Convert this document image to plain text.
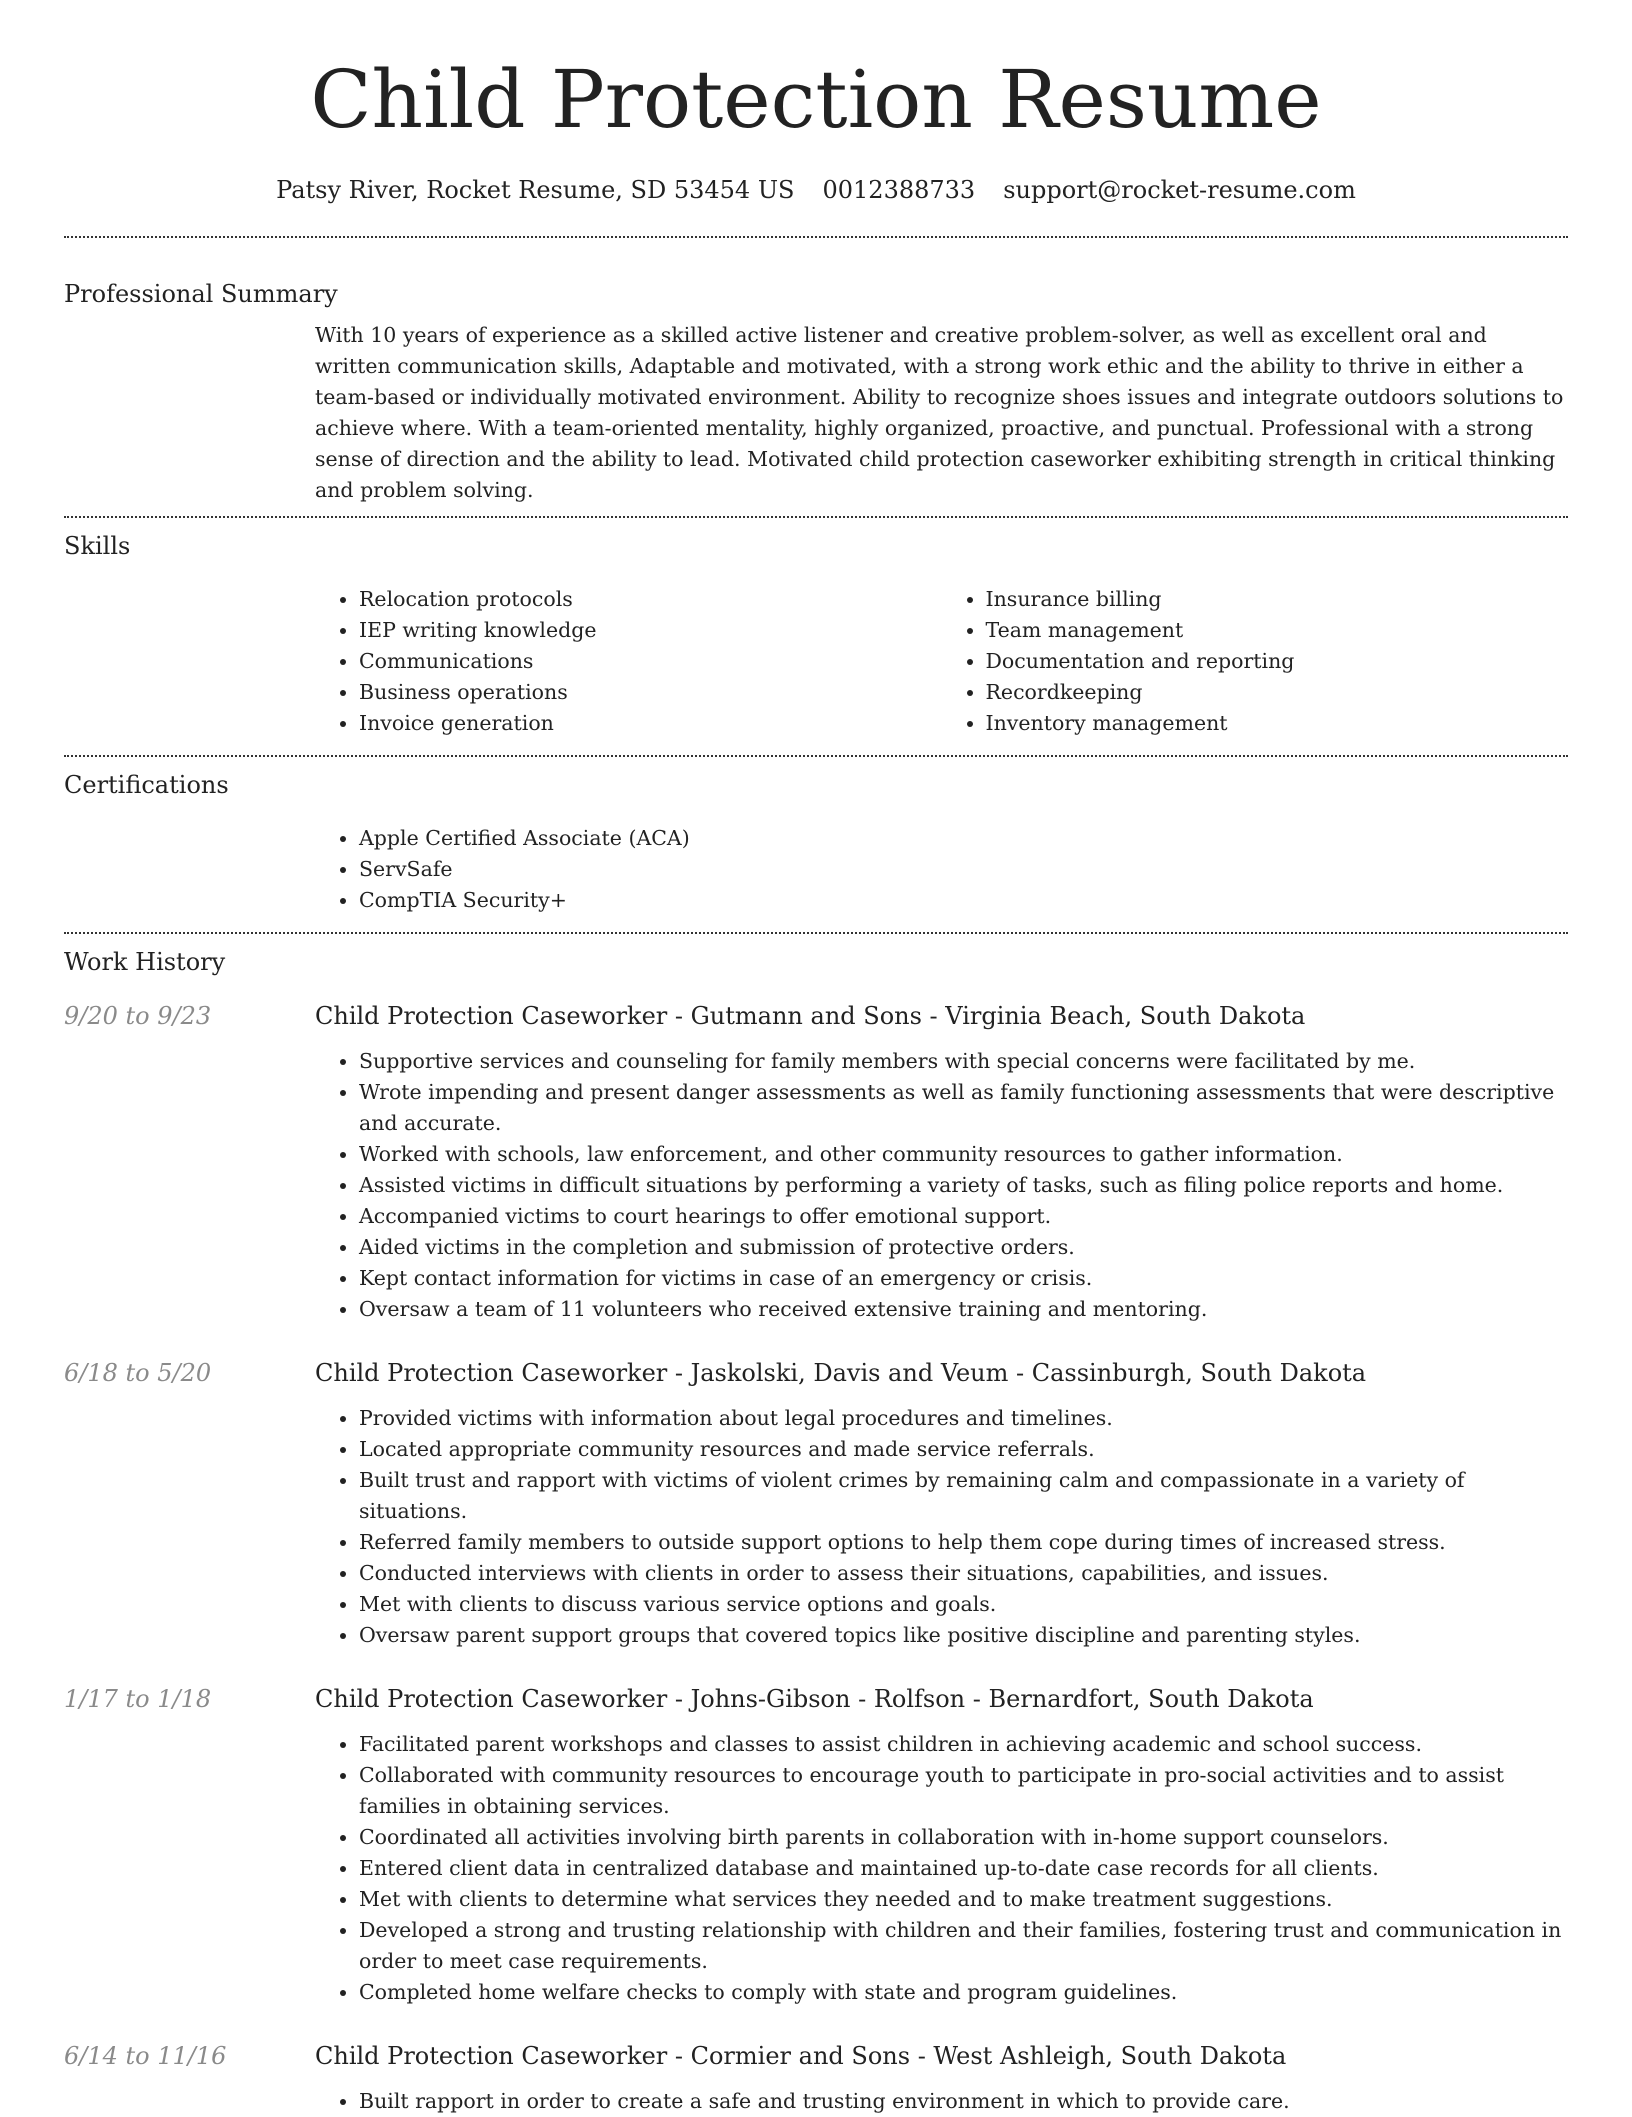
Child Protection Resume
Patsy River, Rocket Resume, SD 53454 US 0012388733 support@rocket-resume.com
Professional Summary

With 10 years of experience as a skilled active listener and creative problem-solver, as well as excellent oral and written communication skills, Adaptable and motivated, with a strong work ethic and the ability to thrive in either a team-based or individually motivated environment. Ability to recognize shoes issues and integrate outdoors solutions to achieve where. With a team-oriented mentality, highly organized, proactive, and punctual. Professional with a strong sense of direction and the ability to lead. Motivated child protection caseworker exhibiting strength in critical thinking and problem solving.

Skills
• Relocation protocols
• IEP writing knowledge
• Communications
• Business operations
• Invoice generation
• Insurance billing
• Team management
• Documentation and reporting
• Recordkeeping
• Inventory management
Certifications
• Apple Certified Associate (ACA)
• ServSafe
• CompTIA Security+
Work History
9/20 to 9/23	Child Protection Caseworker - Gutmann and Sons - Virginia Beach, South Dakota
• Supportive services and counseling for family members with special concerns were facilitated by me.
• Wrote impending and present danger assessments as well as family functioning assessments that were descriptive and accurate.
• Worked with schools, law enforcement, and other community resources to gather information.
• Assisted victims in difficult situations by performing a variety of tasks, such as filing police reports and home.
• Accompanied victims to court hearings to offer emotional support.
• Aided victims in the completion and submission of protective orders.
• Kept contact information for victims in case of an emergency or crisis.
• Oversaw a team of 11 volunteers who received extensive training and mentoring.
6/18 to 5/20	Child Protection Caseworker - Jaskolski, Davis and Veum - Cassinburgh, South Dakota
• Provided victims with information about legal procedures and timelines.
• Located appropriate community resources and made service referrals.
• Built trust and rapport with victims of violent crimes by remaining calm and compassionate in a variety of situations.
• Referred family members to outside support options to help them cope during times of increased stress.
• Conducted interviews with clients in order to assess their situations, capabilities, and issues.
• Met with clients to discuss various service options and goals.
• Oversaw parent support groups that covered topics like positive discipline and parenting styles.
1/17 to 1/18	Child Protection Caseworker - Johns-Gibson - Rolfson - Bernardfort, South Dakota
• Facilitated parent workshops and classes to assist children in achieving academic and school success.
• Collaborated with community resources to encourage youth to participate in pro-social activities and to assist families in obtaining services.
• Coordinated all activities involving birth parents in collaboration with in-home support counselors.
• Entered client data in centralized database and maintained up-to-date case records for all clients.
• Met with clients to determine what services they needed and to make treatment suggestions.
• Developed a strong and trusting relationship with children and their families, fostering trust and communication in order to meet case requirements.
• Completed home welfare checks to comply with state and program guidelines.
6/14 to 11/16	Child Protection Caseworker - Cormier and Sons - West Ashleigh, South Dakota
• Built rapport in order to create a safe and trusting environment in which to provide care.
